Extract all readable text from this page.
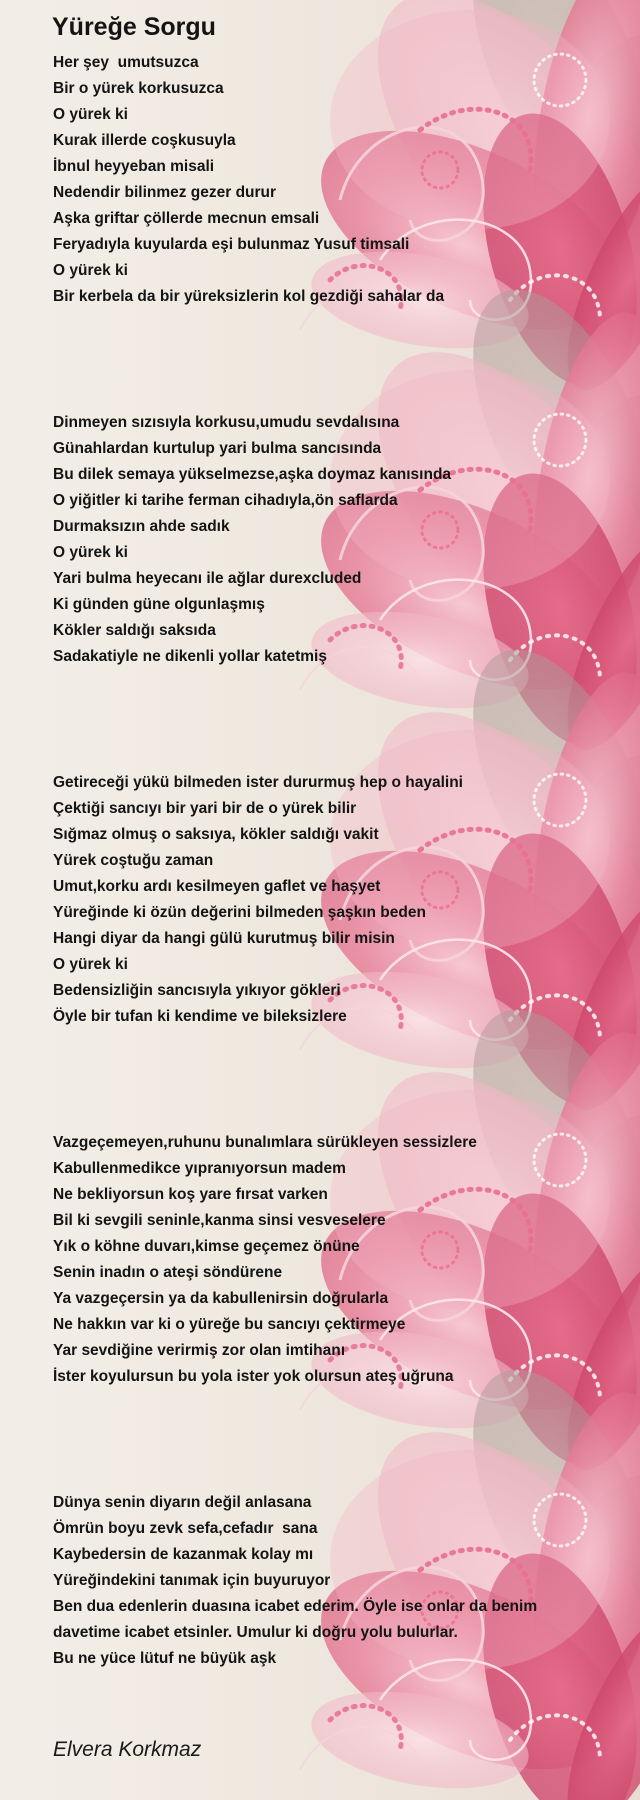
Yüreğe Sorgu
Her şey  umutsuzca
Bir o yürek korkusuzca
O yürek ki
Kurak illerde coşkusuyla
İbnul heyyeban misali
Nedendir bilinmez gezer durur
Aşka griftar çöllerde mecnun emsali
Feryadıyla kuyularda eşi bulunmaz Yusuf timsali
O yürek ki
Bir kerbela da bir yüreksizlerin kol gezdiği sahalar da
Dinmeyen sızısıyla korkusu,umudu sevdalısına
Günahlardan kurtulup yari bulma sancısında
Bu dilek semaya yükselmezse,aşka doymaz kanısında
O yiğitler ki tarihe ferman cihadıyla,ön saflarda
Durmaksızın ahde sadık
O yürek ki
Yari bulma heyecanı ile ağlar durexcluded
Ki günden güne olgunlaşmış
Kökler saldığı saksıda
Sadakatiyle ne dikenli yollar katetmiş
Getireceği yükü bilmeden ister dururmuş hep o hayalini
Çektiği sancıyı bir yari bir de o yürek bilir
Sığmaz olmuş o saksıya, kökler saldığı vakit
Yürek coştuğu zaman
Umut,korku ardı kesilmeyen gaflet ve haşyet
Yüreğinde ki özün değerini bilmeden şaşkın beden
Hangi diyar da hangi gülü kurutmuş bilir misin
O yürek ki
Bedensizliğin sancısıyla yıkıyor gökleri
Öyle bir tufan ki kendime ve bileksizlere
Vazgeçemeyen,ruhunu bunalımlara sürükleyen sessizlere
Kabullenmedikce yıpranıyorsun madem
Ne bekliyorsun koş yare fırsat varken
Bil ki sevgili seninle,kanma sinsi vesveselere
Yık o köhne duvarı,kimse geçemez önüne
Senin inadın o ateşi söndürene
Ya vazgeçersin ya da kabullenirsin doğrularla
Ne hakkın var ki o yüreğe bu sancıyı çektirmeye
Yar sevdiğine verirmiş zor olan imtihanı
İster koyulursun bu yola ister yok olursun ateş uğruna
Dünya senin diyarın değil anlasana
Ömrün boyu zevk sefa,cefadır  sana
Kaybedersin de kazanmak kolay mı
Yüreğindekini tanımak için buyuruyor
Ben dua edenlerin duasına icabet ederim. Öyle ise onlar da benim
davetime icabet etsinler. Umulur ki doğru yolu bulurlar.
Bu ne yüce lütuf ne büyük aşk
Elvera Korkmaz
